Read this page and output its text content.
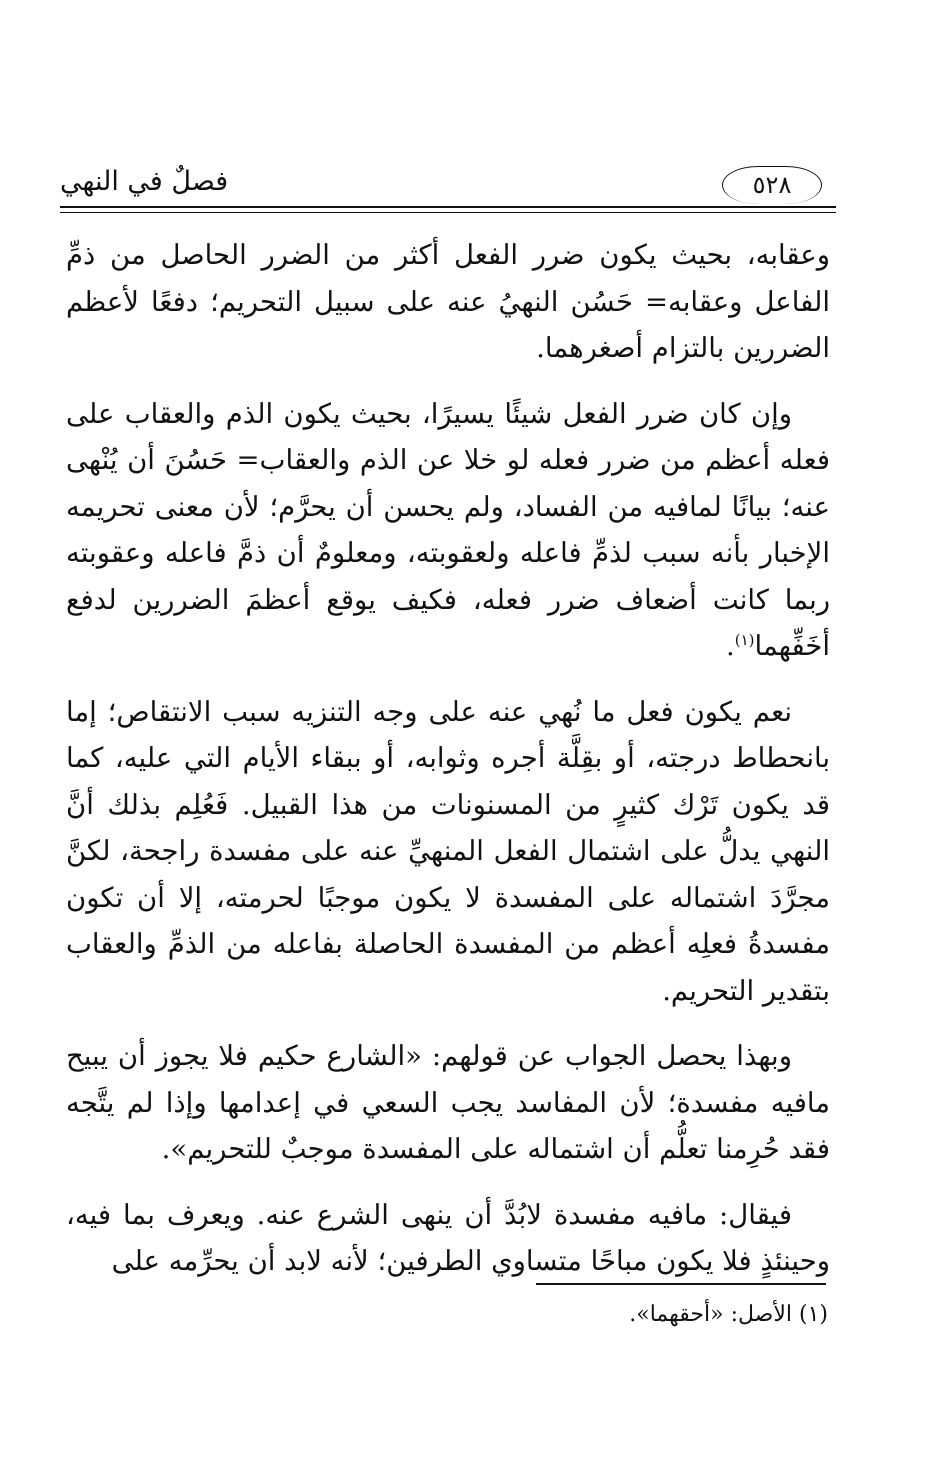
فصلٌ في النهي	٥٢٨

وعقابه، بحيث يكون ضرر الفعل أكثر من الضرر الحاصل من ذمِّ الفاعل وعقابه= حَسُن النهيُ عنه على سبيل التحريم؛ دفعًا لأعظم الضررين بالتزام أصغرهما.

وإن كان ضرر الفعل شيئًا يسيرًا، بحيث يكون الذم والعقاب على فعله أعظم من ضرر فعله لو خلا عن الذم والعقاب= حَسُنَ أن يُنْهى عنه؛ بيانًا لمافيه من الفساد، ولم يحسن أن يحرَّم؛ لأن معنى تحريمه الإخبار بأنه سبب لذمِّ فاعله ولعقوبته، ومعلومٌ أن ذمَّ فاعله وعقوبته ربما كانت أضعاف ضرر فعله، فكيف يوقع أعظمَ الضررين لدفع أخَفِّهما$^{(١)}$.

نعم يكون فعل ما نُهي عنه على وجه التنزيه سبب الانتقاص؛ إما بانحطاط درجته، أو بقِلَّة أجره وثوابه، أو ببقاء الأيام التي عليه، كما قد يكون تَرْك كثيرٍ من المسنونات من هذا القبيل. فَعُلِم بذلك أنَّ النهي يدلُّ على اشتمال الفعل المنهيِّ عنه على مفسدة راجحة، لكنَّ مجرَّدَ اشتماله على المفسدة لا يكون موجبًا لحرمته، إلا أن تكون مفسدةُ فعلِه أعظم من المفسدة الحاصلة بفاعله من الذمِّ والعقاب بتقدير التحريم.

وبهذا يحصل الجواب عن قولهم: «الشارع حكيم فلا يجوز أن يبيح مافيه مفسدة؛ لأن المفاسد يجب السعي في إعدامها وإذا لم يتَّجه فقد حُرِمنا تعلُّم أن اشتماله على المفسدة موجبٌ للتحريم».

فيقال: مافيه مفسدة لابُدَّ أن ينهى الشرع عنه. ويعرف بما فيه، وحينئذٍ فلا يكون مباحًا متساوي الطرفين؛ لأنه لابد أن يحرِّمه على

(١) الأصل: «أحقهما».
